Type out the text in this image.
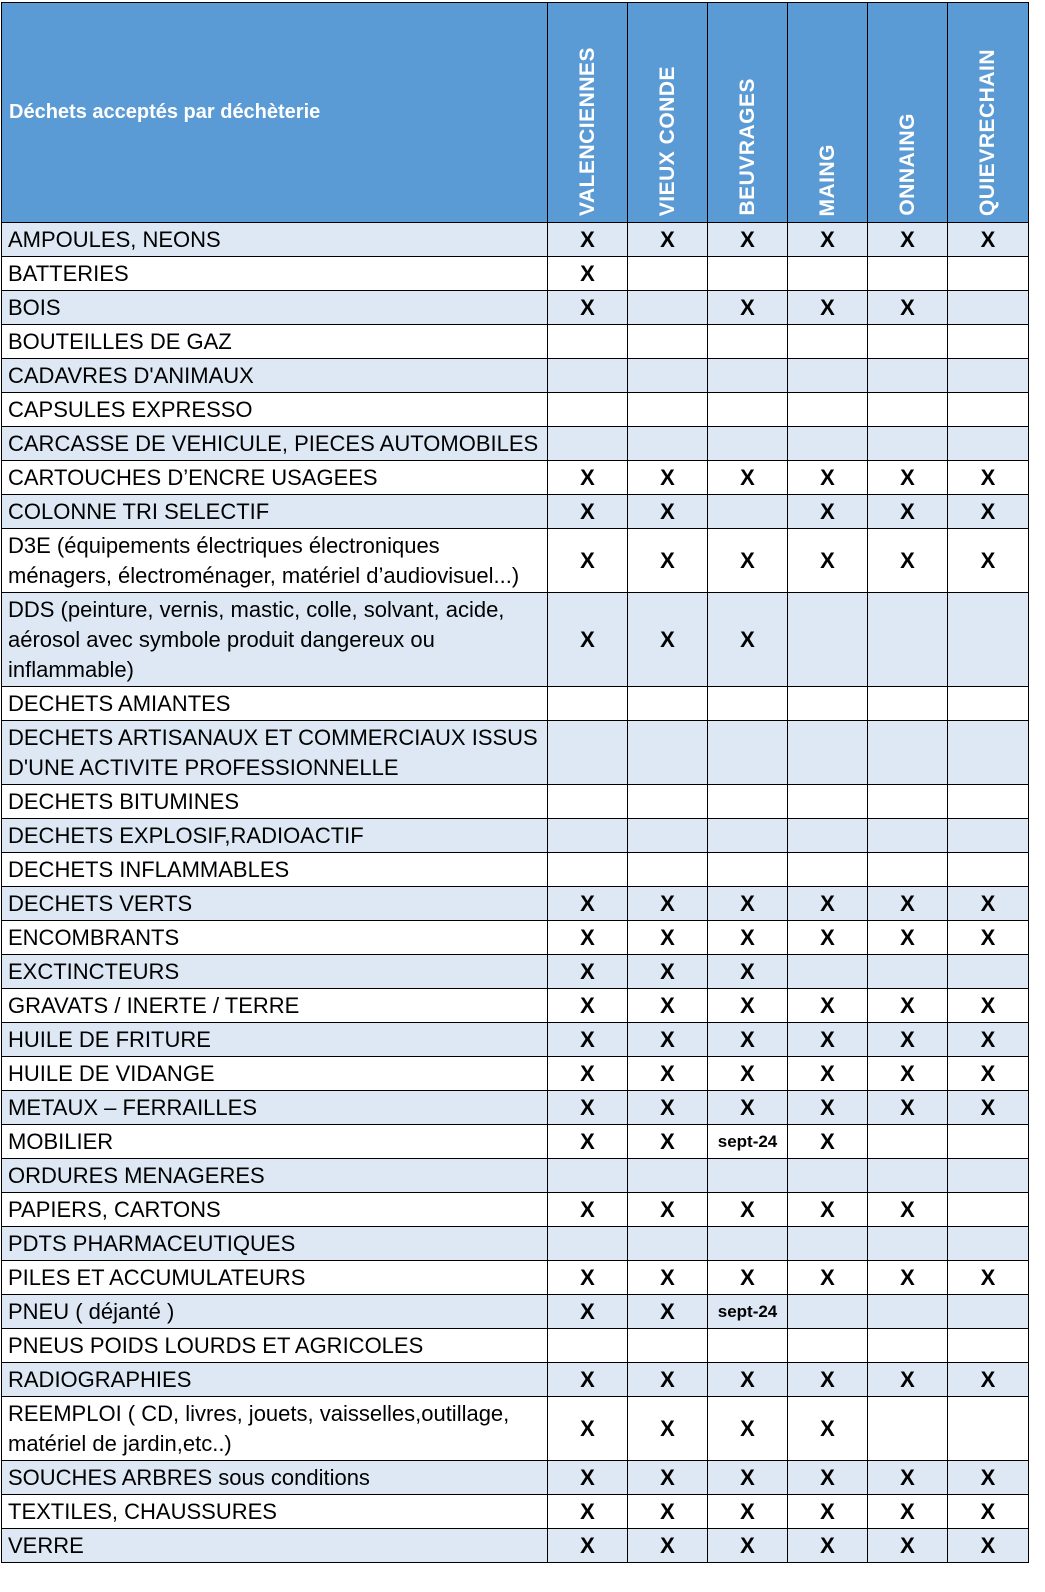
Déchets acceptés par déchèterie	VALENCIENNES	VIEUX CONDE	BEUVRAGES	MAING	ONNAING	QUIEVRECHAIN

AMPOULES, NEONS	X	X	X	X	X	X
BATTERIES	X					
BOIS	X		X	X	X	
BOUTEILLES DE GAZ						
CADAVRES D'ANIMAUX						
CAPSULES EXPRESSO						
CARCASSE DE VEHICULE, PIECES AUTOMOBILES						
CARTOUCHES D’ENCRE USAGEES	X	X	X	X	X	X
COLONNE TRI SELECTIF	X	X		X	X	X
D3E (équipements électriques électroniques ménagers, électroménager, matériel d’audiovisuel...)	X	X	X	X	X	X
DDS (peinture, vernis, mastic, colle, solvant, acide, aérosol avec symbole produit dangereux ou inflammable)	X	X	X			
DECHETS AMIANTES						
DECHETS ARTISANAUX ET COMMERCIAUX ISSUS D'UNE ACTIVITE PROFESSIONNELLE						
DECHETS BITUMINES						
DECHETS EXPLOSIF,RADIOACTIF						
DECHETS INFLAMMABLES						
DECHETS VERTS	X	X	X	X	X	X
ENCOMBRANTS	X	X	X	X	X	X
EXCTINCTEURS	X	X	X			
GRAVATS / INERTE / TERRE	X	X	X	X	X	X
HUILE DE FRITURE	X	X	X	X	X	X
HUILE DE VIDANGE	X	X	X	X	X	X
METAUX – FERRAILLES	X	X	X	X	X	X
MOBILIER	X	X	sept-24	X		
ORDURES MENAGERES						
PAPIERS, CARTONS	X	X	X	X	X	
PDTS PHARMACEUTIQUES						
PILES ET ACCUMULATEURS	X	X	X	X	X	X
PNEU ( déjanté )	X	X	sept-24			
PNEUS POIDS LOURDS ET AGRICOLES						
RADIOGRAPHIES	X	X	X	X	X	X
REEMPLOI ( CD, livres, jouets, vaisselles,outillage, matériel de jardin,etc..)	X	X	X	X		
SOUCHES ARBRES sous conditions	X	X	X	X	X	X
TEXTILES, CHAUSSURES	X	X	X	X	X	X
VERRE	X	X	X	X	X	X
